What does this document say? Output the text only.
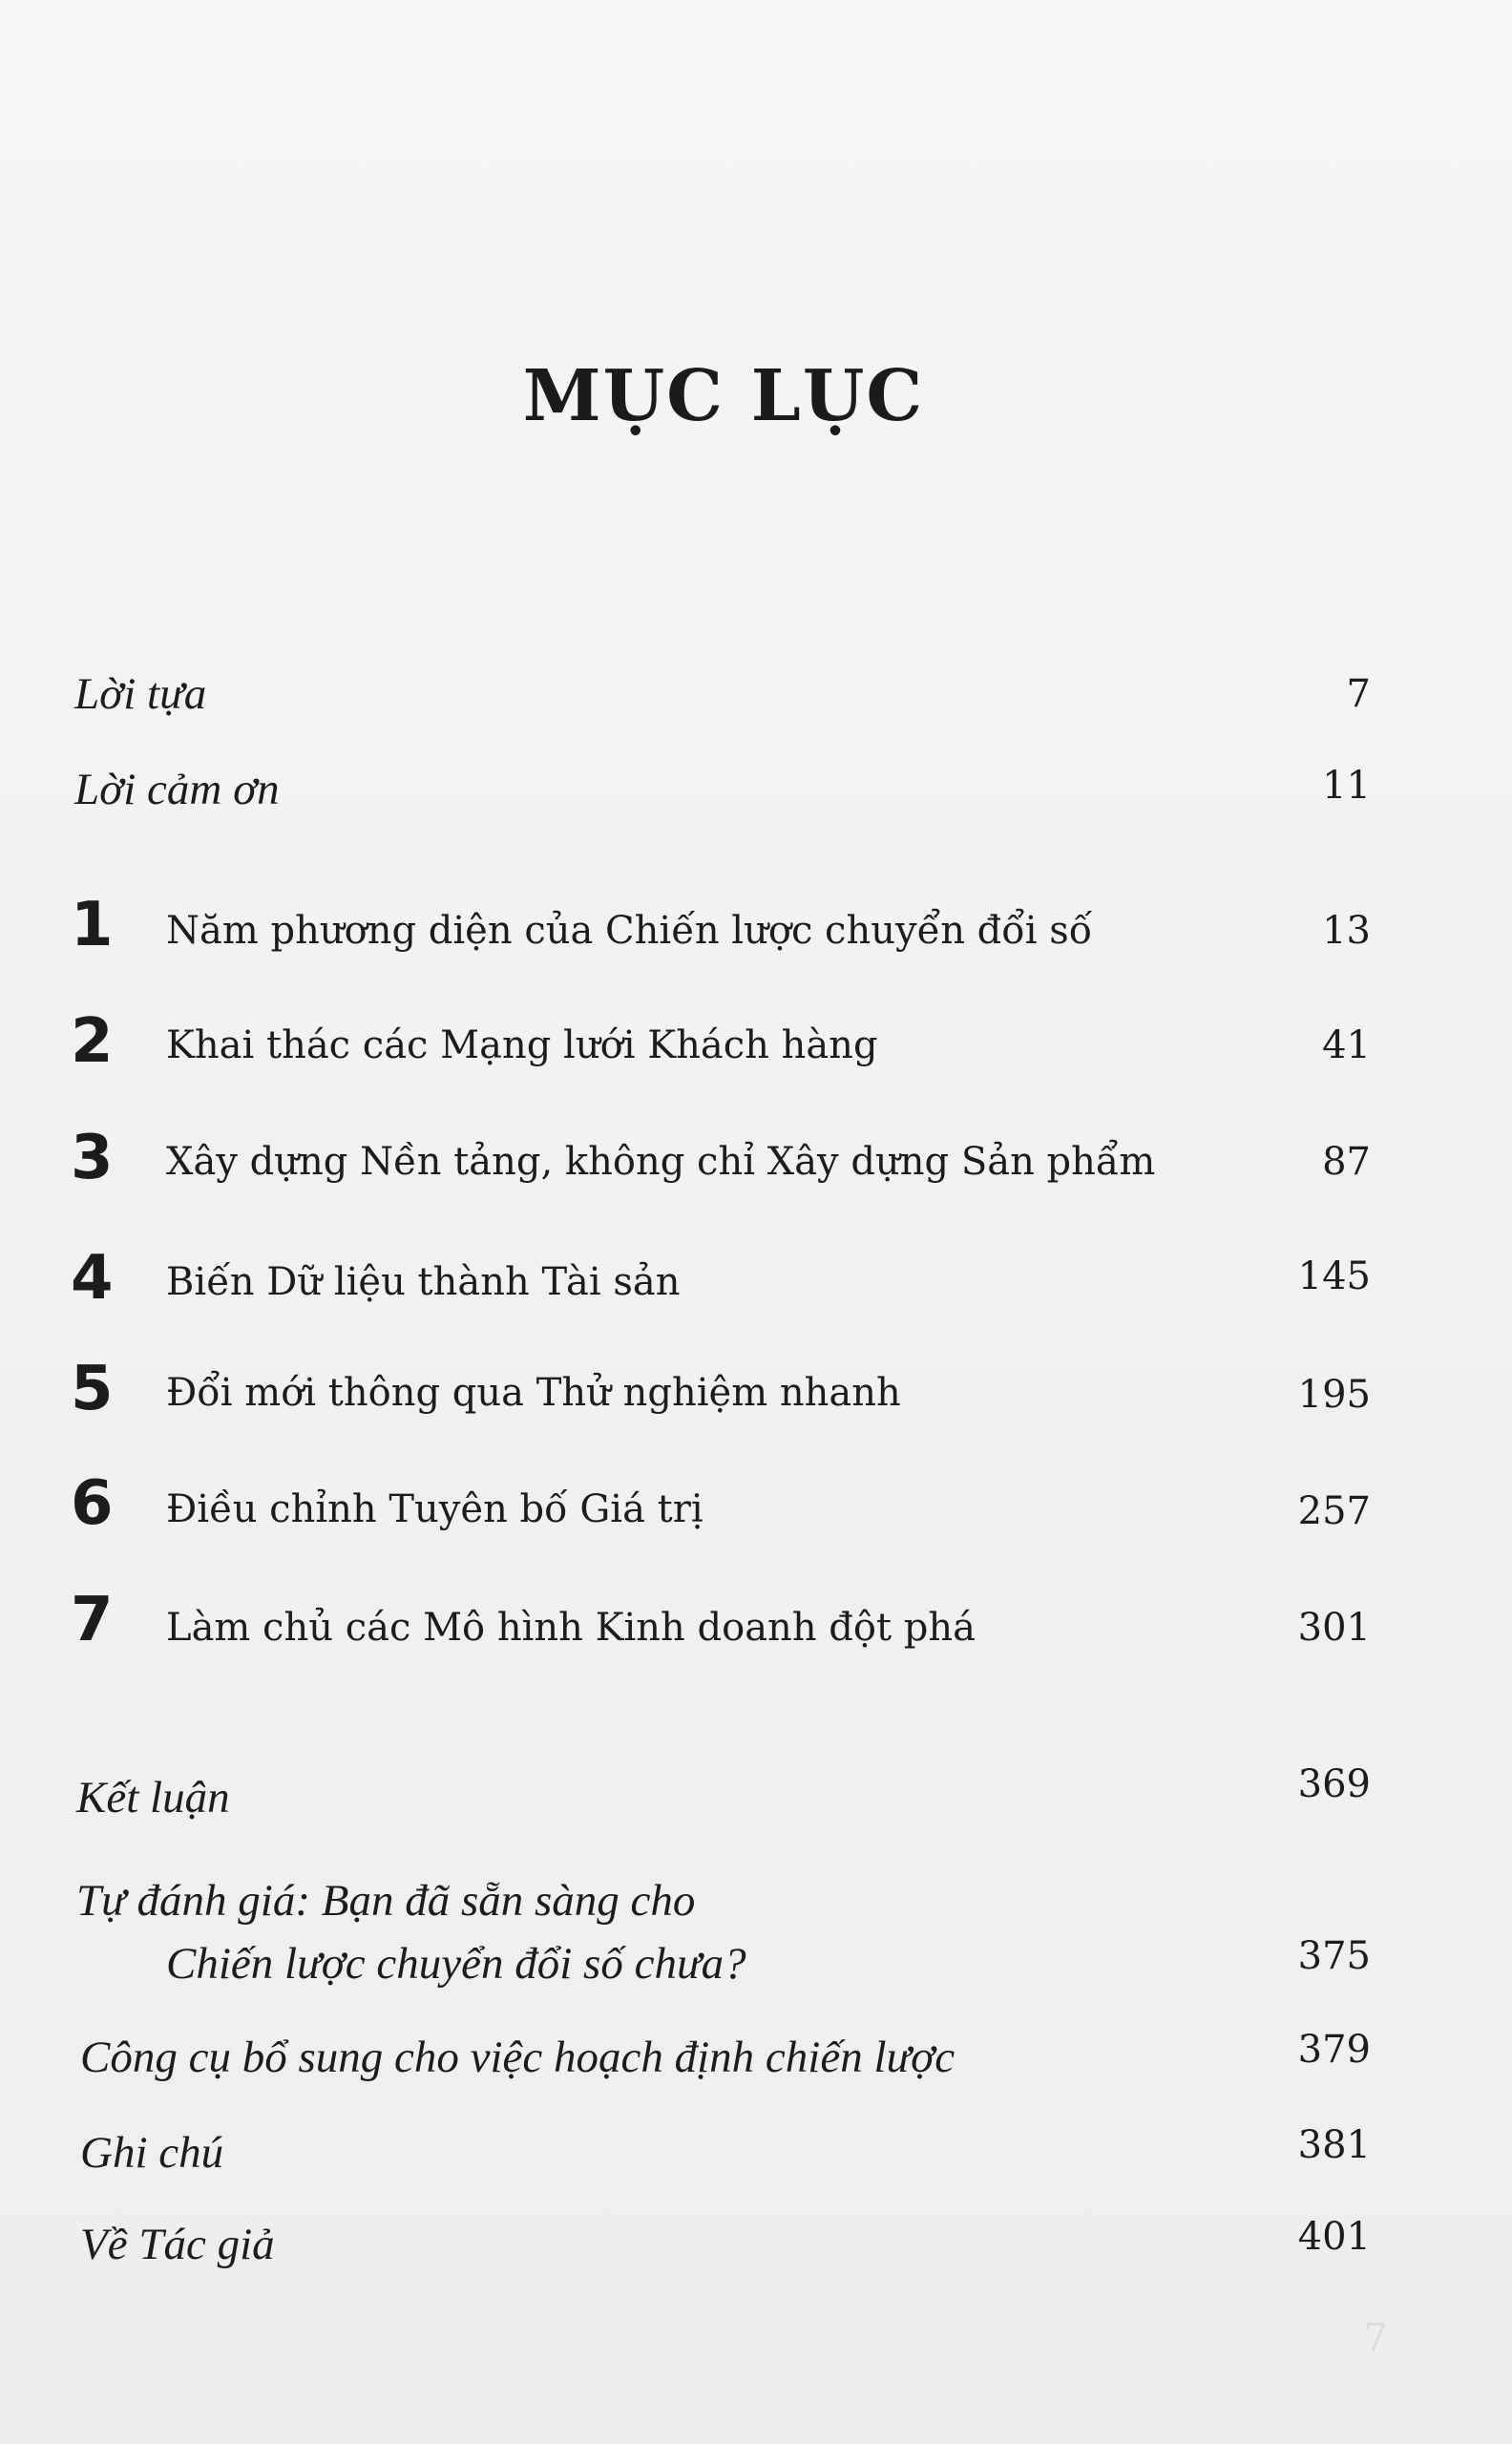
MỤC LỤC
Lời tựa	7
Lời cảm ơn	11
1 Năm phương diện của Chiến lược chuyển đổi số	13
2 Khai thác các Mạng lưới Khách hàng	41
3 Xây dựng Nền tảng, không chỉ Xây dựng Sản phẩm	87
4 Biến Dữ liệu thành Tài sản	145
5 Đổi mới thông qua Thử nghiệm nhanh	195
6 Điều chỉnh Tuyên bố Giá trị	257
7 Làm chủ các Mô hình Kinh doanh đột phá	301
Kết luận	369
Tự đánh giá: Bạn đã sẵn sàng cho
Chiến lược chuyển đổi số chưa?	375
Công cụ bổ sung cho việc hoạch định chiến lược	379
Ghi chú	381
Về Tác giả	401
7
